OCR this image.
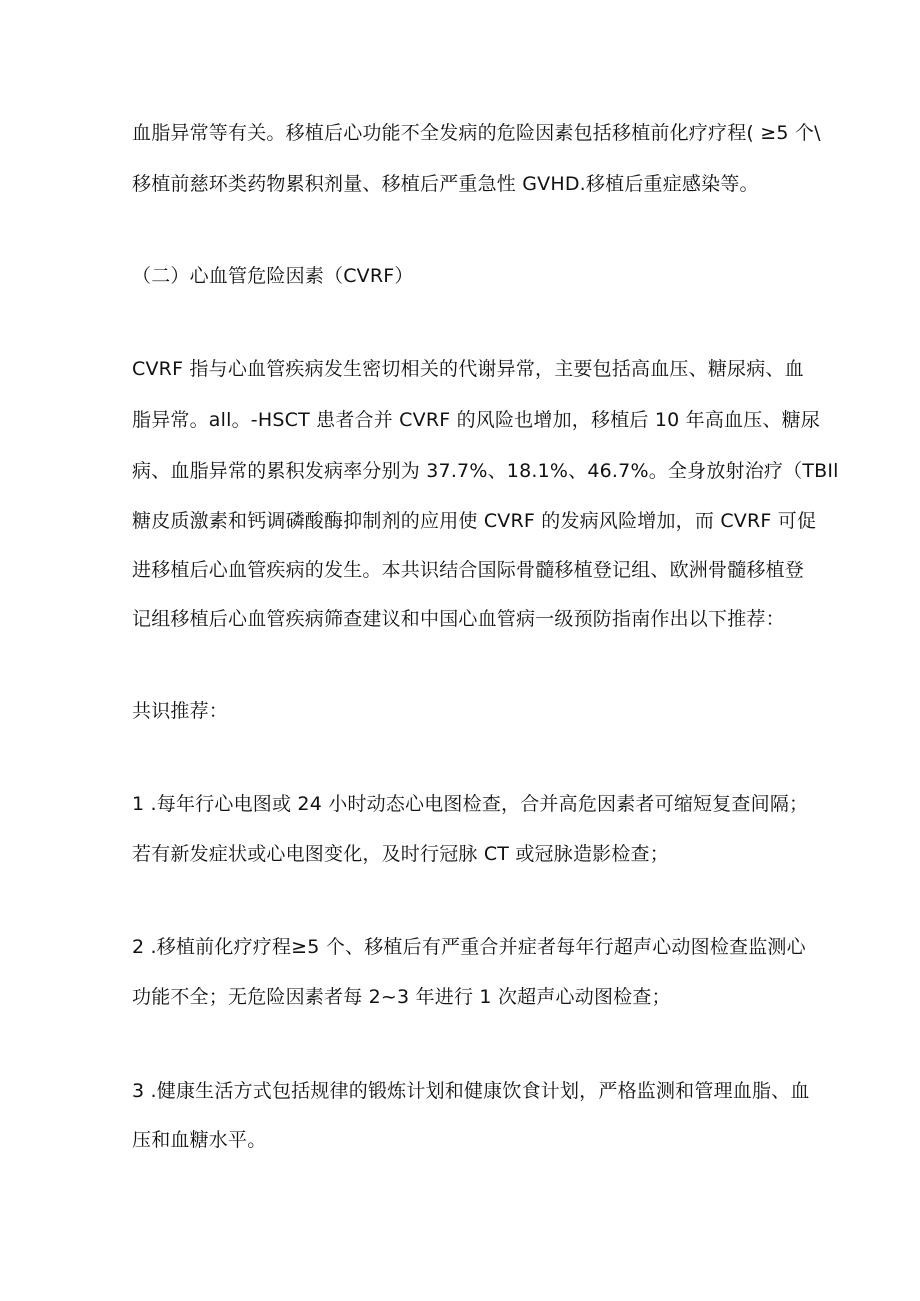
血脂异常等有关。移植后心功能不全发病的危险因素包括移植前化疗疗程( ≥5 个\
移植前慈环类药物累积剂量、移植后严重急性 GVHD.移植后重症感染等。
（二）心血管危险因素（CVRF）
CVRF 指与心血管疾病发生密切相关的代谢异常，主要包括高血压、糖尿病、血
脂异常。all。-HSCT 患者合并 CVRF 的风险也增加，移植后 10 年高血压、糖尿
病、血脂异常的累积发病率分别为 37.7%、18.1%、46.7%。全身放射治疗（TBIl
糖皮质激素和钙调磷酸酶抑制剂的应用使 CVRF 的发病风险增加，而 CVRF 可促
进移植后心血管疾病的发生。本共识结合国际骨髓移植登记组、欧洲骨髓移植登
记组移植后心血管疾病筛查建议和中国心血管病一级预防指南作出以下推荐：
共识推荐：
1 .每年行心电图或 24 小时动态心电图检查，合并高危因素者可缩短复查间隔；
若有新发症状或心电图变化，及时行冠脉 CT 或冠脉造影检查；
2 .移植前化疗疗程≥5 个、移植后有严重合并症者每年行超声心动图检查监测心
功能不全；无危险因素者每 2~3 年进行 1 次超声心动图检查；
3 .健康生活方式包括规律的锻炼计划和健康饮食计划，严格监测和管理血脂、血
压和血糖水平。
